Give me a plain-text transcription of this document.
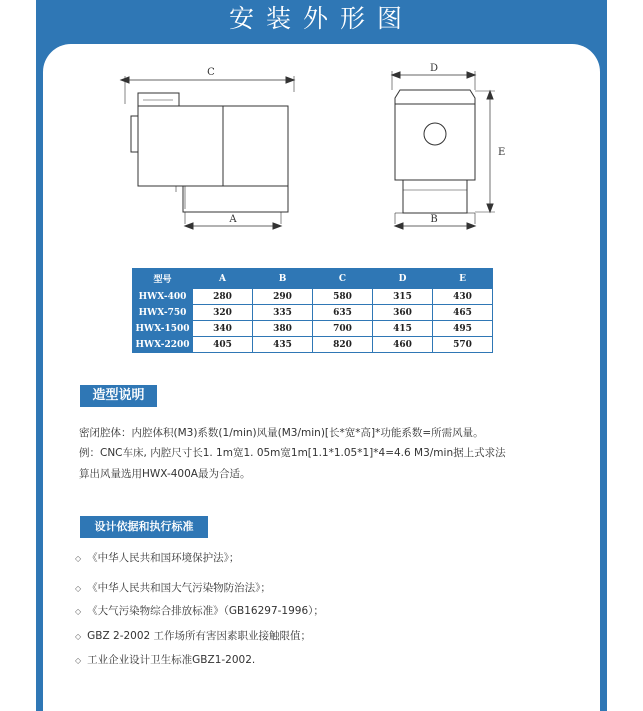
安装外形图
C	D
E
A	B
型号	A	B	C	D	E
HWX-400	280	290	580	315	430
HWX-750	320	335	635	360	465
HWX-1500	340	380	700	415	495
HWX-2200	405	435	820	460	570
造型说明
密闭腔体：内腔体积(M3)系数(1/min)风量(M3/min)[长*宽*高]*功能系数=所需风量。
例：CNC车床, 内腔尺寸长1. 1m宽1. 05m宽1m[1.1*1.05*1]*4=4.6 M3/min据上式求法
算出风量选用HWX-400A最为合适。
设计依据和执行标准
◇ 《中华人民共和国环境保护法》；
◇ 《中华人民共和国大气污染物防治法》；
◇ 《大气污染物综合排放标准》（GB16297-1996）；
◇ GBZ 2-2002 工作场所有害因素职业接触限值；
◇ 工业企业设计卫生标准GBZ1-2002.
